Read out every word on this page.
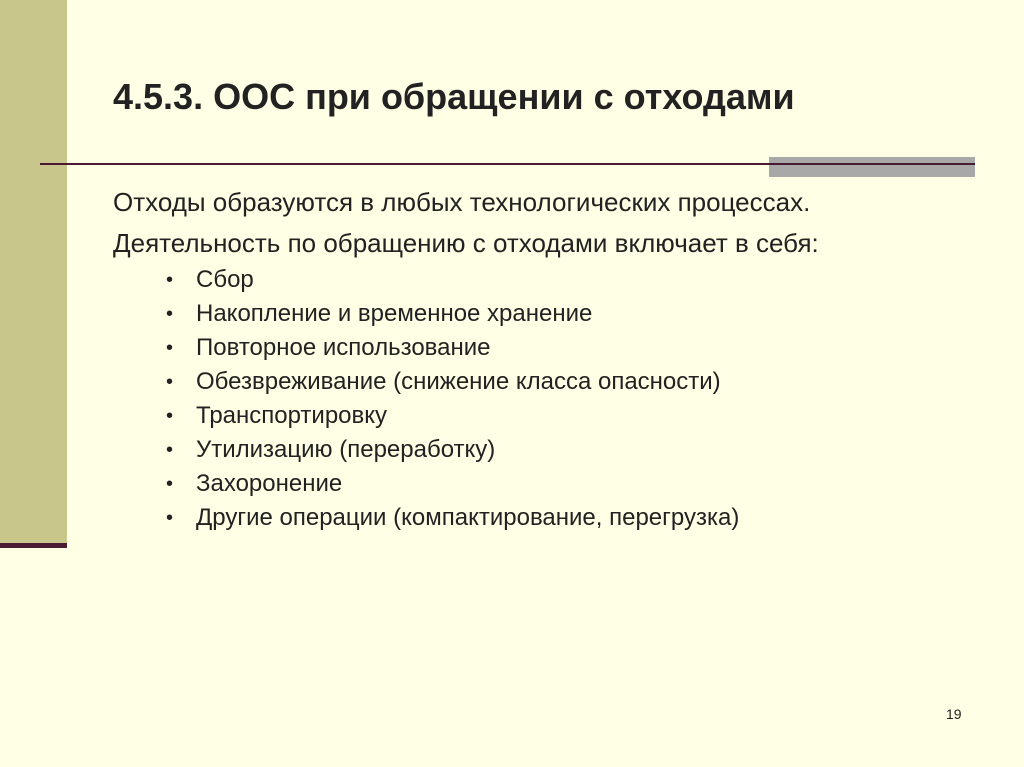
4.5.3. ООС при обращении с отходами

Отходы образуются в любых технологических процессах.

Деятельность по обращению с отходами включает в себя:

• Сбор
• Накопление и временное хранение
• Повторное использование
• Обезвреживание (снижение класса опасности)
• Транспортировку
• Утилизацию (переработку)
• Захоронение
• Другие операции (компактирование, перегрузка)
19
